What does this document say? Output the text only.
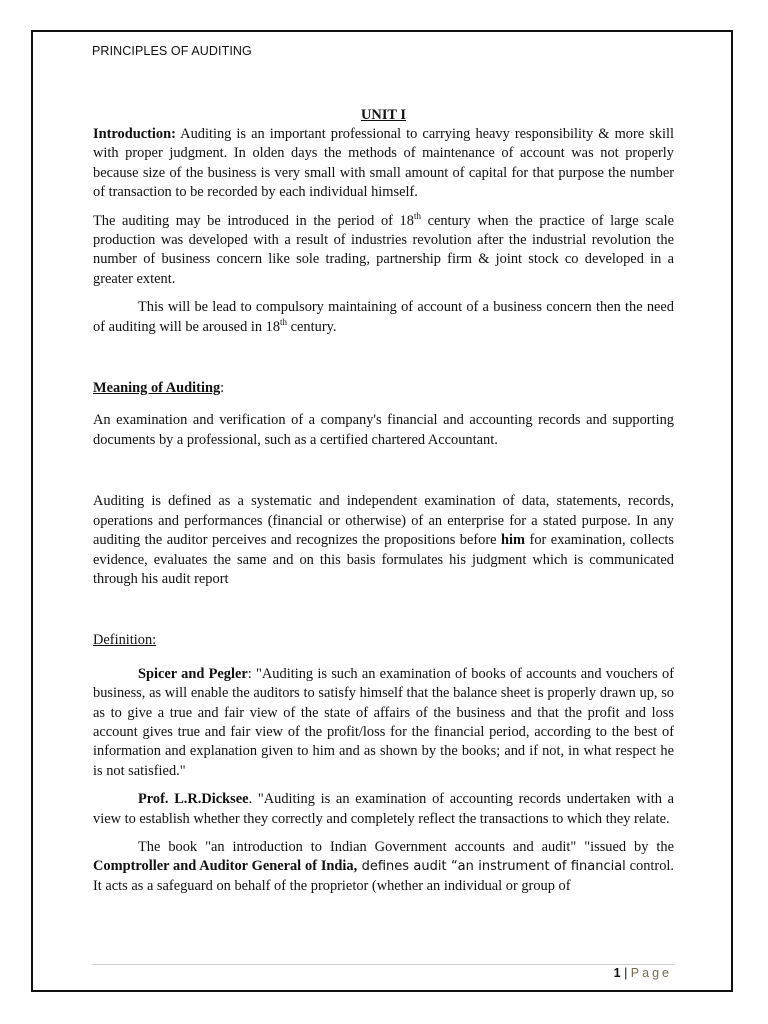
PRINCIPLES OF AUDITING

UNIT I

Introduction: Auditing is an important professional to carrying heavy responsibility & more skill with proper judgment. In olden days the methods of maintenance of account was not properly because size of the business is very small with small amount of capital for that purpose the number of transaction to be recorded by each individual himself.

The auditing may be introduced in the period of 18th century when the practice of large scale production was developed with a result of industries revolution after the industrial revolution the number of business concern like sole trading, partnership firm & joint stock co developed in a greater extent.

This will be lead to compulsory maintaining of account of a business concern then the need of auditing will be aroused in 18th century.

Meaning of Auditing:

An examination and verification of a company's financial and accounting records and supporting documents by a professional, such as a certified chartered Accountant.

Auditing is defined as a systematic and independent examination of data, statements, records, operations and performances (financial or otherwise) of an enterprise for a stated purpose. In any auditing the auditor perceives and recognizes the propositions before him for examination, collects evidence, evaluates the same and on this basis formulates his judgment which is communicated through his audit report

Definition:

Spicer and Pegler: "Auditing is such an examination of books of accounts and vouchers of business, as will enable the auditors to satisfy himself that the balance sheet is properly drawn up, so as to give a true and fair view of the state of affairs of the business and that the profit and loss account gives true and fair view of the profit/loss for the financial period, according to the best of information and explanation given to him and as shown by the books; and if not, in what respect he is not satisfied."

Prof. L.R.Dicksee. "Auditing is an examination of accounting records undertaken with a view to establish whether they correctly and completely reflect the transactions to which they relate.

The book "an introduction to Indian Government accounts and audit" "issued by the Comptroller and Auditor General of India, defines audit “an instrument of financial control. It acts as a safeguard on behalf of the proprietor (whether an individual or group of

1 | Page
